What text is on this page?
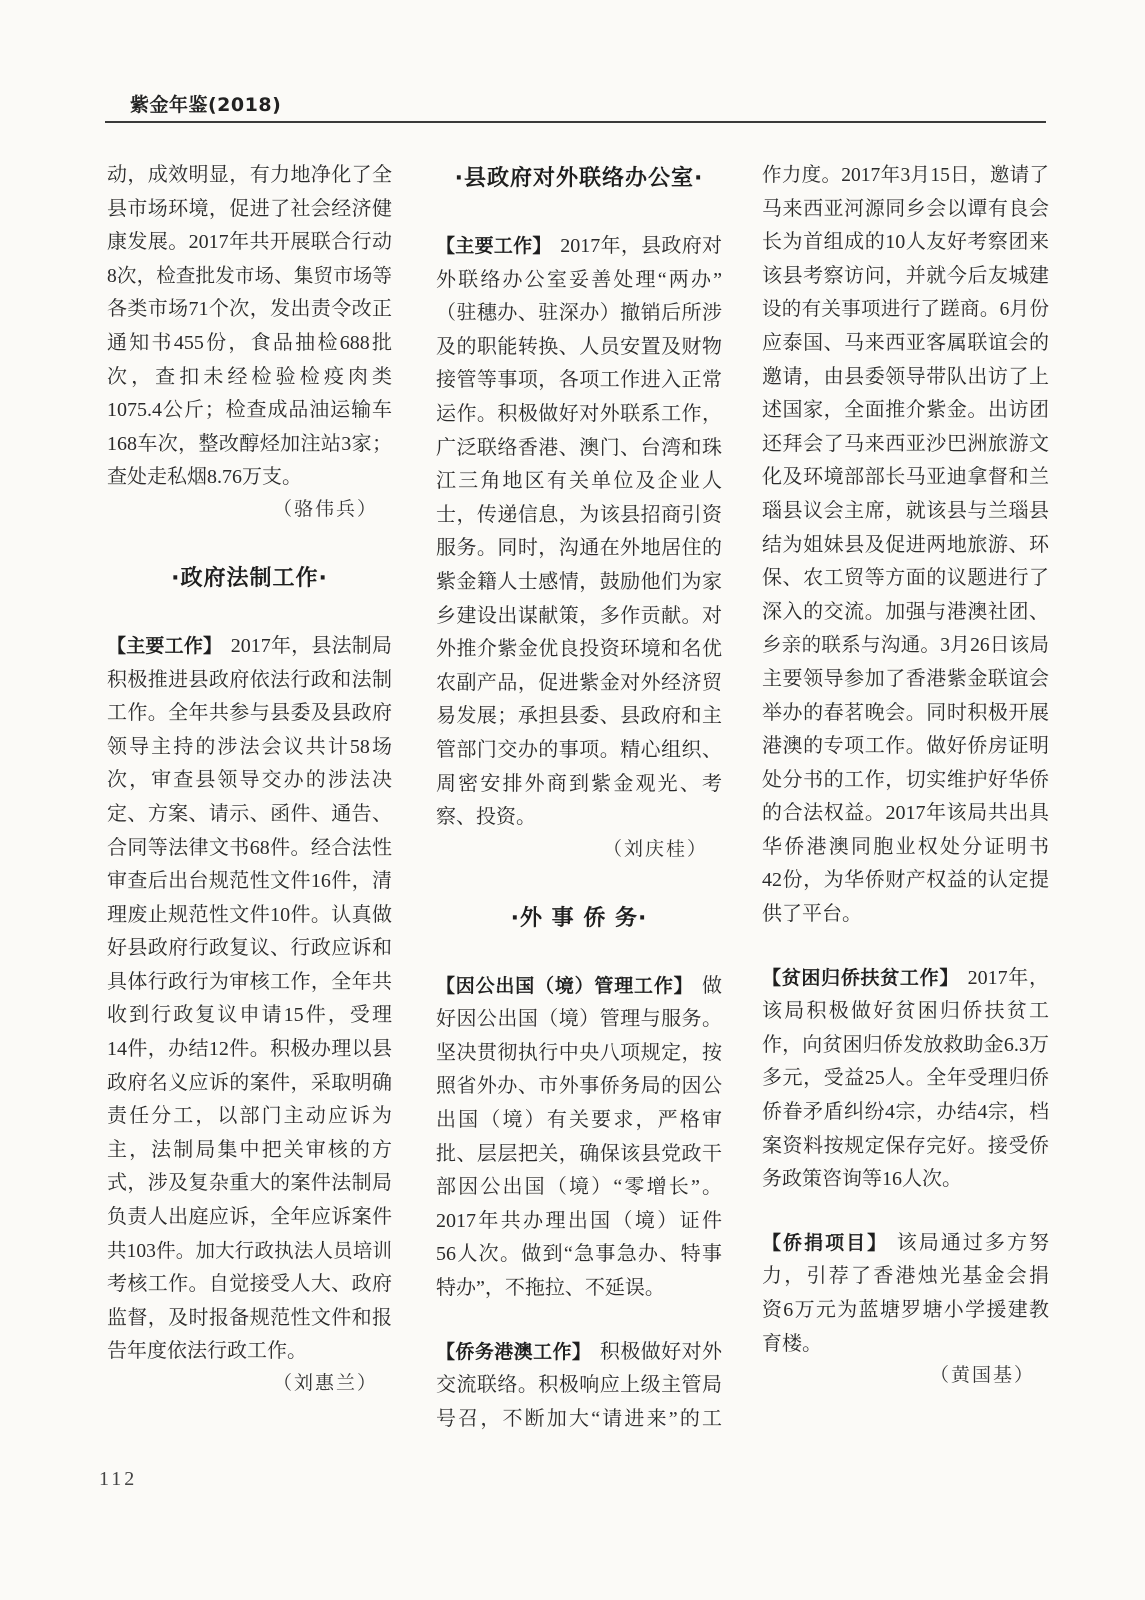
紫金年鉴(2018)
动，成效明显，有力地净化了全
县市场环境，促进了社会经济健
康发展。2017年共开展联合行动
8次，检查批发市场、集贸市场等
各类市场71个次，发出责令改正
通知书455份，食品抽检688批
次，查扣未经检验检疫肉类
1075.4公斤；检查成品油运输车
168车次，整改醇烃加注站3家；
查处走私烟8.76万支。
（骆伟兵）
·政府法制工作·
【主要工作】 2017年，县法制局
积极推进县政府依法行政和法制
工作。全年共参与县委及县政府
领导主持的涉法会议共计58场
次，审查县领导交办的涉法决
定、方案、请示、函件、通告、
合同等法律文书68件。经合法性
审查后出台规范性文件16件，清
理废止规范性文件10件。认真做
好县政府行政复议、行政应诉和
具体行政行为审核工作，全年共
收到行政复议申请15件，受理
14件，办结12件。积极办理以县
政府名义应诉的案件，采取明确
责任分工，以部门主动应诉为
主，法制局集中把关审核的方
式，涉及复杂重大的案件法制局
负责人出庭应诉，全年应诉案件
共103件。加大行政执法人员培训
考核工作。自觉接受人大、政府
监督，及时报备规范性文件和报
告年度依法行政工作。
（刘惠兰）
·县政府对外联络办公室·
【主要工作】 2017年，县政府对
外联络办公室妥善处理“两办”
（驻穗办、驻深办）撤销后所涉
及的职能转换、人员安置及财物
接管等事项，各项工作进入正常
运作。积极做好对外联系工作，
广泛联络香港、澳门、台湾和珠
江三角地区有关单位及企业人
士，传递信息，为该县招商引资
服务。同时，沟通在外地居住的
紫金籍人士感情，鼓励他们为家
乡建设出谋献策，多作贡献。对
外推介紫金优良投资环境和名优
农副产品，促进紫金对外经济贸
易发展；承担县委、县政府和主
管部门交办的事项。精心组织、
周密安排外商到紫金观光、考
察、投资。
（刘庆桂）
·外 事 侨 务·
【因公出国（境）管理工作】 做
好因公出国（境）管理与服务。
坚决贯彻执行中央八项规定，按
照省外办、市外事侨务局的因公
出国（境）有关要求，严格审
批、层层把关，确保该县党政干
部因公出国（境）“零增长”。
2017年共办理出国（境）证件
56人次。做到“急事急办、特事
特办”，不拖拉、不延误。
【侨务港澳工作】 积极做好对外
交流联络。积极响应上级主管局
号召，不断加大“请进来”的工
作力度。2017年3月15日，邀请了
马来西亚河源同乡会以谭有良会
长为首组成的10人友好考察团来
该县考察访问，并就今后友城建
设的有关事项进行了蹉商。6月份
应泰国、马来西亚客属联谊会的
邀请，由县委领导带队出访了上
述国家，全面推介紫金。出访团
还拜会了马来西亚沙巴洲旅游文
化及环境部部长马亚迪拿督和兰
瑙县议会主席，就该县与兰瑙县
结为姐妹县及促进两地旅游、环
保、农工贸等方面的议题进行了
深入的交流。加强与港澳社团、
乡亲的联系与沟通。3月26日该局
主要领导参加了香港紫金联谊会
举办的春茗晚会。同时积极开展
港澳的专项工作。做好侨房证明
处分书的工作，切实维护好华侨
的合法权益。2017年该局共出具
华侨港澳同胞业权处分证明书
42份，为华侨财产权益的认定提
供了平台。
【贫困归侨扶贫工作】 2017年，
该局积极做好贫困归侨扶贫工
作，向贫困归侨发放救助金6.3万
多元，受益25人。全年受理归侨
侨眷矛盾纠纷4宗，办结4宗，档
案资料按规定保存完好。接受侨
务政策咨询等16人次。
【侨捐项目】 该局通过多方努
力，引荐了香港烛光基金会捐
资6万元为蓝塘罗塘小学援建教
育楼。
（黄国基）
112
